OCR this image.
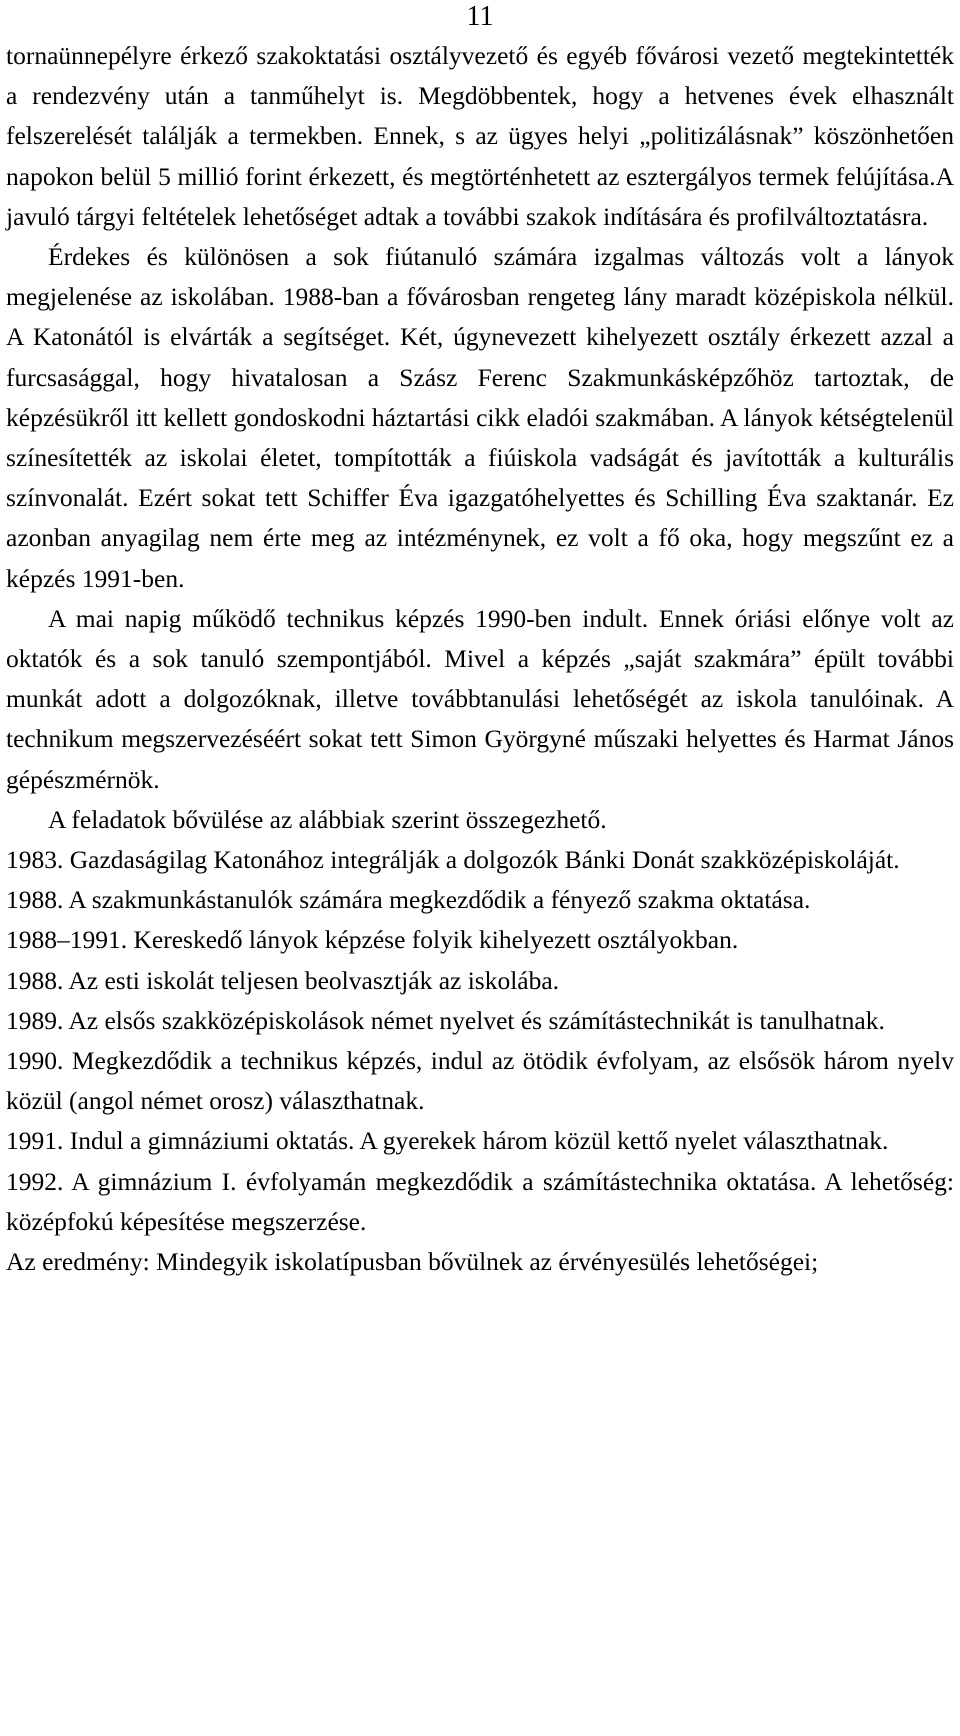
11

tornaünnepélyre érkező szakoktatási osztályvezető és egyéb fővárosi vezető megtekintették a rendezvény után a tanműhelyt is. Megdöbbentek, hogy a hetvenes évek elhasznált felszerelését találják a termekben. Ennek, s az ügyes helyi „politizálásnak” köszönhetően napokon belül 5 millió forint érkezett, és megtörténhetett az esztergályos termek felújítása.A javuló tárgyi feltételek lehetőséget adtak a további szakok indítására és profilváltoztatásra.

Érdekes és különösen a sok fiútanuló számára izgalmas változás volt a lányok megjelenése az iskolában. 1988-ban a fővárosban rengeteg lány maradt középiskola nélkül. A Katonától is elvárták a segítséget. Két, úgynevezett kihelyezett osztály érkezett azzal a furcsasággal, hogy hivatalosan a Szász Ferenc Szakmunkásképzőhöz tartoztak, de képzésükről itt kellett gondoskodni háztartási cikk eladói szakmában. A lányok kétségtelenül színesítették az iskolai életet, tompították a fiúiskola vadságát és javították a kulturális színvonalát. Ezért sokat tett Schiffer Éva igazgatóhelyettes és Schilling Éva szaktanár. Ez azonban anyagilag nem érte meg az intézménynek, ez volt a fő oka, hogy megszűnt ez a képzés 1991-ben.

A mai napig működő technikus képzés 1990-ben indult. Ennek óriási előnye volt az oktatók és a sok tanuló szempontjából. Mivel a képzés „saját szakmára” épült további munkát adott a dolgozóknak, illetve továbbtanulási lehetőségét az iskola tanulóinak. A technikum megszervezéséért sokat tett Simon Györgyné műszaki helyettes és Harmat János gépészmérnök.

A feladatok bővülése az alábbiak szerint összegezhető.

1983. Gazdaságilag Katonához integrálják a dolgozók Bánki Donát szakközépiskoláját.

1988. A szakmunkástanulók számára megkezdődik a fényező szakma oktatása.

1988–1991. Kereskedő lányok képzése folyik kihelyezett osztályokban.

1988. Az esti iskolát teljesen beolvasztják az iskolába.

1989. Az elsős szakközépiskolások német nyelvet és számítástechnikát is tanulhatnak.

1990. Megkezdődik a technikus képzés, indul az ötödik évfolyam, az elsősök három nyelv közül (angol német orosz) választhatnak.

1991. Indul a gimnáziumi oktatás. A gyerekek három közül kettő nyelet választhatnak.

1992. A gimnázium I. évfolyamán megkezdődik a számítástechnika oktatása. A lehetőség: középfokú képesítése megszerzése.

Az eredmény: Mindegyik iskolatípusban bővülnek az érvényesülés lehetőségei;
